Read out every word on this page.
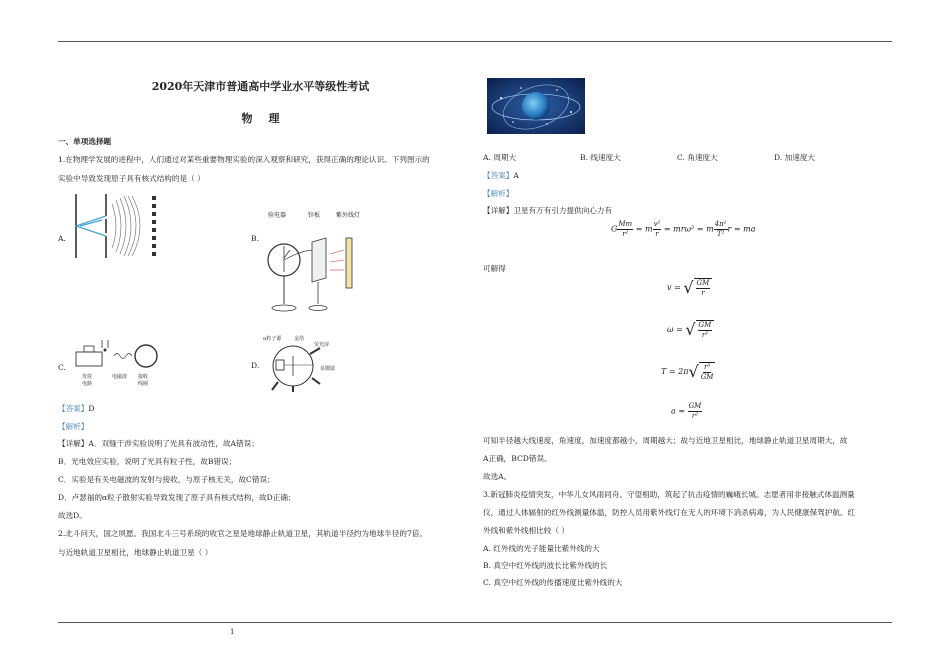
2020年天津市普通高中学业水平等级性考试
物理
一、单项选择题
1.在物理学发展的进程中，人们通过对某些重要物理实验的深入观察和研究，获得正确的理论认识。下列图示的
实验中导致发现原子具有核式结构的是（ ）
A.	B.
验电器	锌板	紫外线灯
C.
发射
电路
电磁波 接收
线圈
D.
α粒子源	金箔
荧光屏
显微镜
【答案】D
【解析】
【详解】A．双缝干涉实验说明了光具有波动性，故A错误；
B．光电效应实验，说明了光具有粒子性，故B错误；
C．实验是有关电磁波的发射与接收，与原子核无关，故C错误；
D．卢瑟福的α粒子散射实验导致发现了原子具有核式结构，故D正确；
故选D。
2.北斗问天，国之夙愿。我国北斗三号系统的收官之星是地球静止轨道卫星，其轨道半径约为地球半径的7倍。
与近地轨道卫星相比，地球静止轨道卫星（ ）
1
A. 周期大	B. 线速度大	C. 角速度大	D. 加速度大
【答案】A
【解析】
【详解】卫星有万有引力提供向心力有
G $\frac{Mm}{\text{r²}} = m \frac{\text{v²}}{r} = mr\omega^2 = m \frac{\text{4π²}}{\text{T²}}$ r = ma
可解得
v = √ $\frac{GM}{r}$
ω = √ $\frac{GM}{\text{r³}}$
T = 2π √ $\frac{\text{r³}}{GM}$
$a = \frac{GM}{\text{r²}}$
可知半径越大线速度，角速度，加速度都越小，周期越大；故与近地卫星相比，地球静止轨道卫星周期大，故
A正确，BCD错误。
故选A。
3.新冠肺炎疫情突发，中华儿女风雨同舟、守望相助，筑起了抗击疫情的巍峨长城。志愿者用非接触式体温测量
仪，通过人体辐射的红外线测量体温，防控人员用紫外线灯在无人的环境下消杀病毒，为人民健康保驾护航。红
外线和紫外线相比较（ ）
A. 红外线的光子能量比紫外线的大
B. 真空中红外线的波长比紫外线的长
C. 真空中红外线的传播速度比紫外线的大
